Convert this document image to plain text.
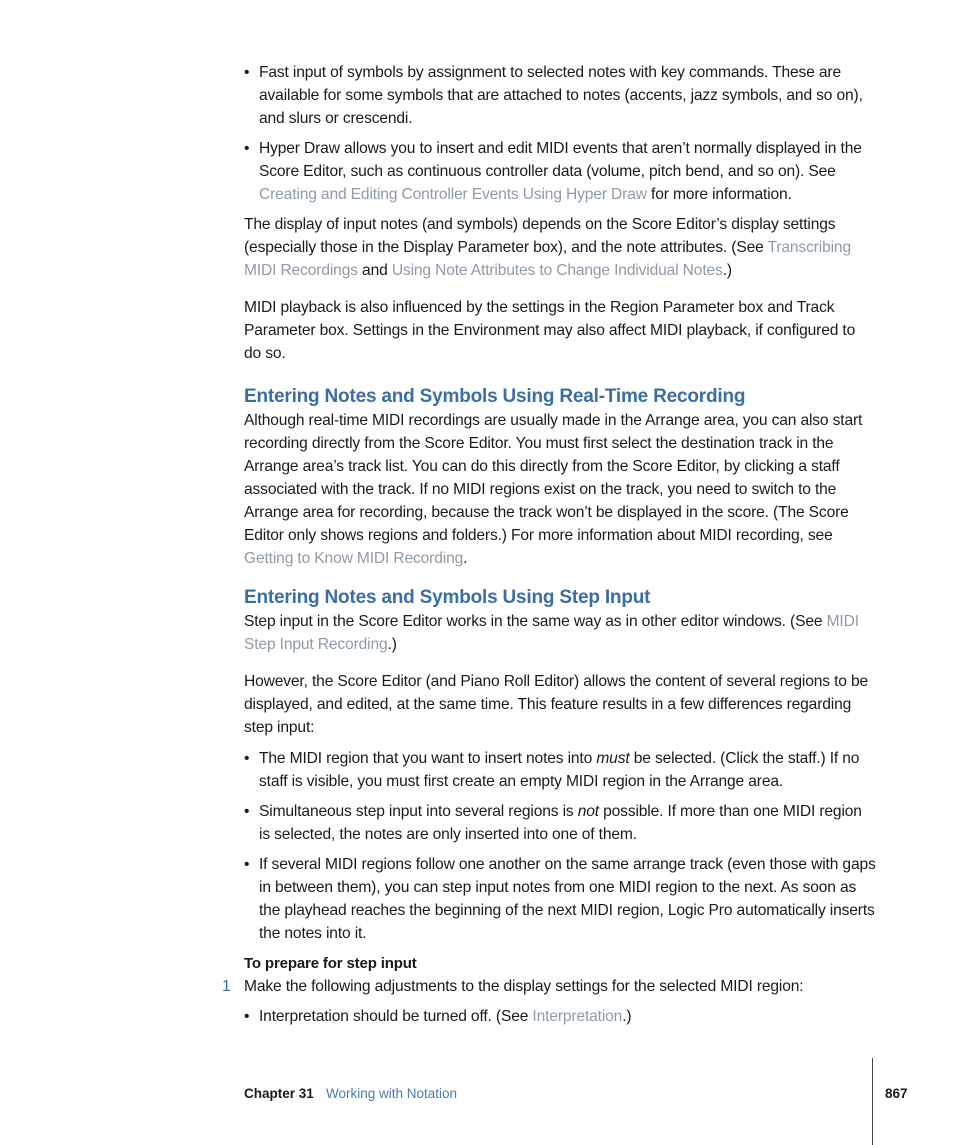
• Fast input of symbols by assignment to selected notes with key commands. These are available for some symbols that are attached to notes (accents, jazz symbols, and so on), and slurs or crescendi.

• Hyper Draw allows you to insert and edit MIDI events that aren’t normally displayed in the Score Editor, such as continuous controller data (volume, pitch bend, and so on). See Creating and Editing Controller Events Using Hyper Draw for more information.

The display of input notes (and symbols) depends on the Score Editor’s display settings (especially those in the Display Parameter box), and the note attributes. (See Transcribing MIDI Recordings and Using Note Attributes to Change Individual Notes.)

MIDI playback is also influenced by the settings in the Region Parameter box and Track Parameter box. Settings in the Environment may also affect MIDI playback, if configured to do so.

Entering Notes and Symbols Using Real-Time Recording

Although real-time MIDI recordings are usually made in the Arrange area, you can also start recording directly from the Score Editor. You must first select the destination track in the Arrange area’s track list. You can do this directly from the Score Editor, by clicking a staff associated with the track. If no MIDI regions exist on the track, you need to switch to the Arrange area for recording, because the track won’t be displayed in the score. (The Score Editor only shows regions and folders.) For more information about MIDI recording, see Getting to Know MIDI Recording.

Entering Notes and Symbols Using Step Input

Step input in the Score Editor works in the same way as in other editor windows. (See MIDI Step Input Recording.)

However, the Score Editor (and Piano Roll Editor) allows the content of several regions to be displayed, and edited, at the same time. This feature results in a few differences regarding step input:

• The MIDI region that you want to insert notes into must be selected. (Click the staff.) If no staff is visible, you must first create an empty MIDI region in the Arrange area.

• Simultaneous step input into several regions is not possible. If more than one MIDI region is selected, the notes are only inserted into one of them.

• If several MIDI regions follow one another on the same arrange track (even those with gaps in between them), you can step input notes from one MIDI region to the next. As soon as the playhead reaches the beginning of the next MIDI region, Logic Pro automatically inserts the notes into it.

To prepare for step input

1 Make the following adjustments to the display settings for the selected MIDI region:

• Interpretation should be turned off. (See Interpretation.)

Chapter 31 Working with Notation	867
